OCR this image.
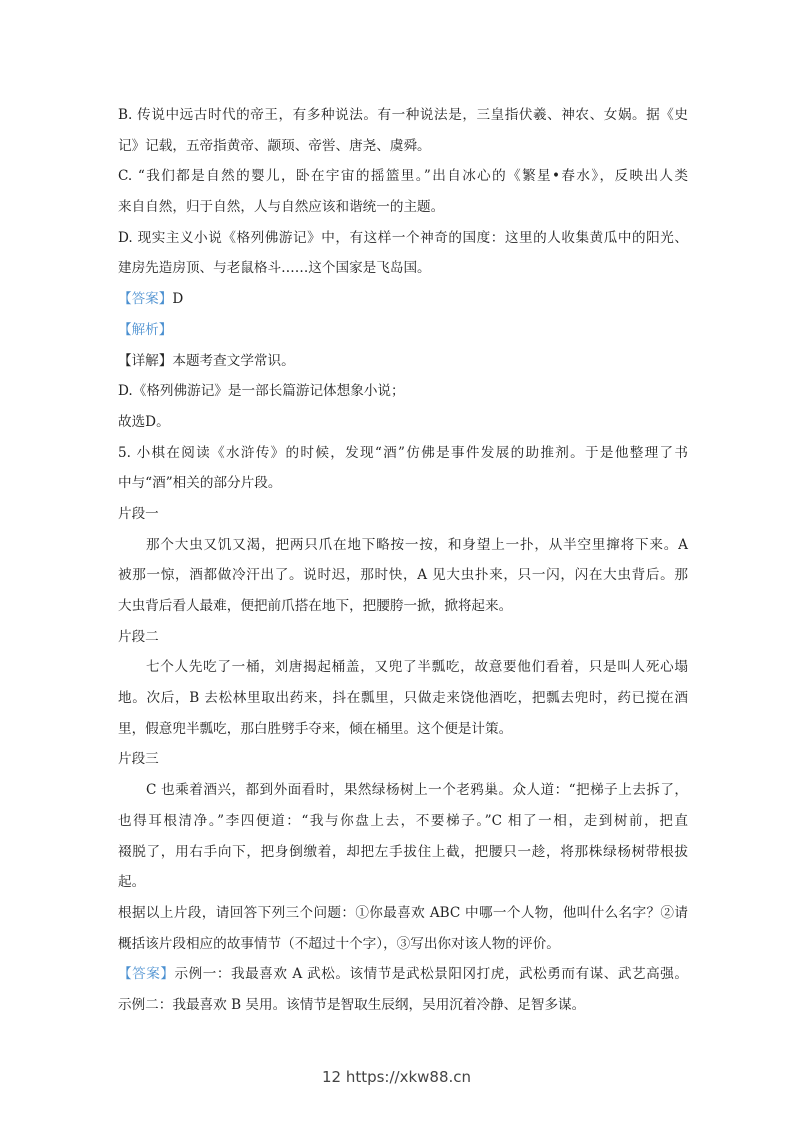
B. 传说中远古时代的帝王，有多种说法。有一种说法是，三皇指伏羲、神农、女娲。据《史
记》记载，五帝指黄帝、颛顼、帝喾、唐尧、虞舜。
C. “我们都是自然的婴儿，卧在宇宙的摇篮里。”出自冰心的《繁星•春水》，反映出人类
来自自然，归于自然，人与自然应该和谐统一的主题。
D. 现实主义小说《格列佛游记》中，有这样一个神奇的国度：这里的人收集黄瓜中的阳光、
建房先造房顶、与老鼠格斗……这个国家是飞岛国。
【答案】D
【解析】
【详解】本题考查文学常识。
D.《格列佛游记》是一部长篇游记体想象小说；
故选D。
5. 小棋在阅读《水浒传》的时候，发现“酒”仿佛是事件发展的助推剂。于是他整理了书
中与“酒”相关的部分片段。
片段一
那个大虫又饥又渴，把两只爪在地下略按一按，和身望上一扑，从半空里撺将下来。A
被那一惊，酒都做冷汗出了。说时迟，那时快，A 见大虫扑来，只一闪，闪在大虫背后。那
大虫背后看人最难，便把前爪搭在地下，把腰胯一掀，掀将起来。
片段二
七个人先吃了一桶，刘唐揭起桶盖，又兜了半瓢吃，故意要他们看着，只是叫人死心塌
地。次后，B 去松林里取出药来，抖在瓢里，只做走来饶他酒吃，把瓢去兜时，药已搅在酒
里，假意兜半瓢吃，那白胜劈手夺来，倾在桶里。这个便是计策。
片段三
C 也乘着酒兴，都到外面看时，果然绿杨树上一个老鸦巢。众人道：“把梯子上去拆了，
也得耳根清净。”李四便道：“我与你盘上去，不要梯子。”C 相了一相，走到树前，把直
裰脱了，用右手向下，把身倒缴着，却把左手拔住上截，把腰只一趁，将那株绿杨树带根拔
起。
根据以上片段，请回答下列三个问题：①你最喜欢 ABC 中哪一个人物，他叫什么名字？②请
概括该片段相应的故事情节（不超过十个字），③写出你对该人物的评价。
【答案】示例一：我最喜欢 A 武松。该情节是武松景阳冈打虎，武松勇而有谋、武艺高强。
示例二：我最喜欢 B 吴用。该情节是智取生辰纲，吴用沉着冷静、足智多谋。
12 https://xkw88.cn
